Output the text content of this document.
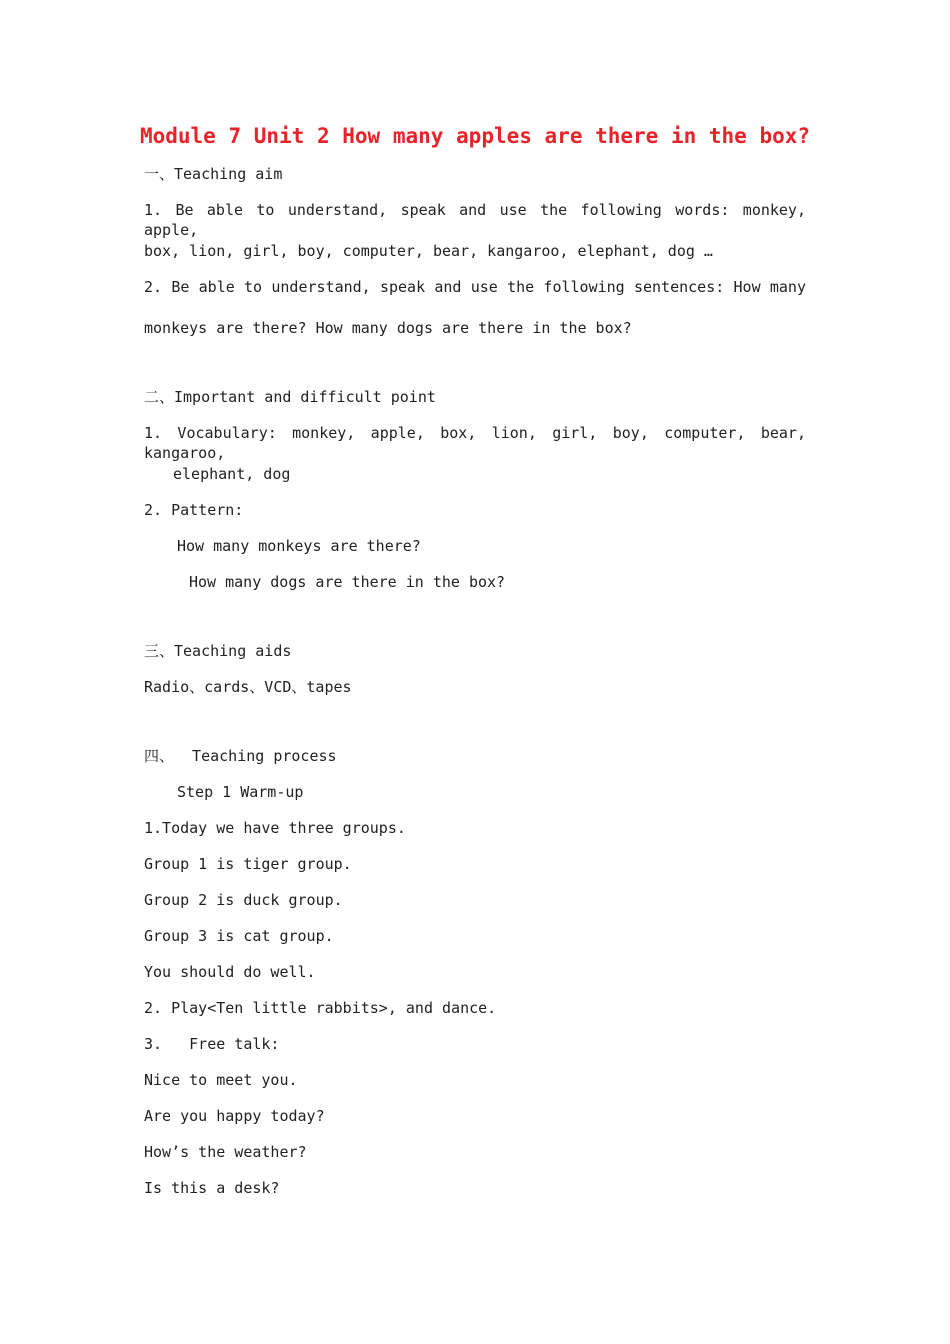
Module 7 Unit 2 How many apples are there in the box?
一、Teaching aim
1. Be able to understand, speak and use the following words: monkey, apple,
box, lion, girl, boy, computer, bear, kangaroo, elephant, dog …
2. Be able to understand, speak and use the following sentences: How many
monkeys are there? How many dogs are there in the box?
二、Important and difficult point
1. Vocabulary: monkey, apple, box, lion, girl, boy, computer, bear, kangaroo,
elephant, dog
2. Pattern:
How many monkeys are there?
How many dogs are there in the box?
三、Teaching aids
Radio、cards、VCD、tapes
四、  Teaching process
Step 1 Warm-up
1.Today we have three groups.
Group 1 is tiger group.
Group 2 is duck group.
Group 3 is cat group.
You should do well.
2. Play<Ten little rabbits>, and dance.
3.   Free talk:
Nice to meet you.
Are you happy today?
How’s the weather?
Is this a desk?
